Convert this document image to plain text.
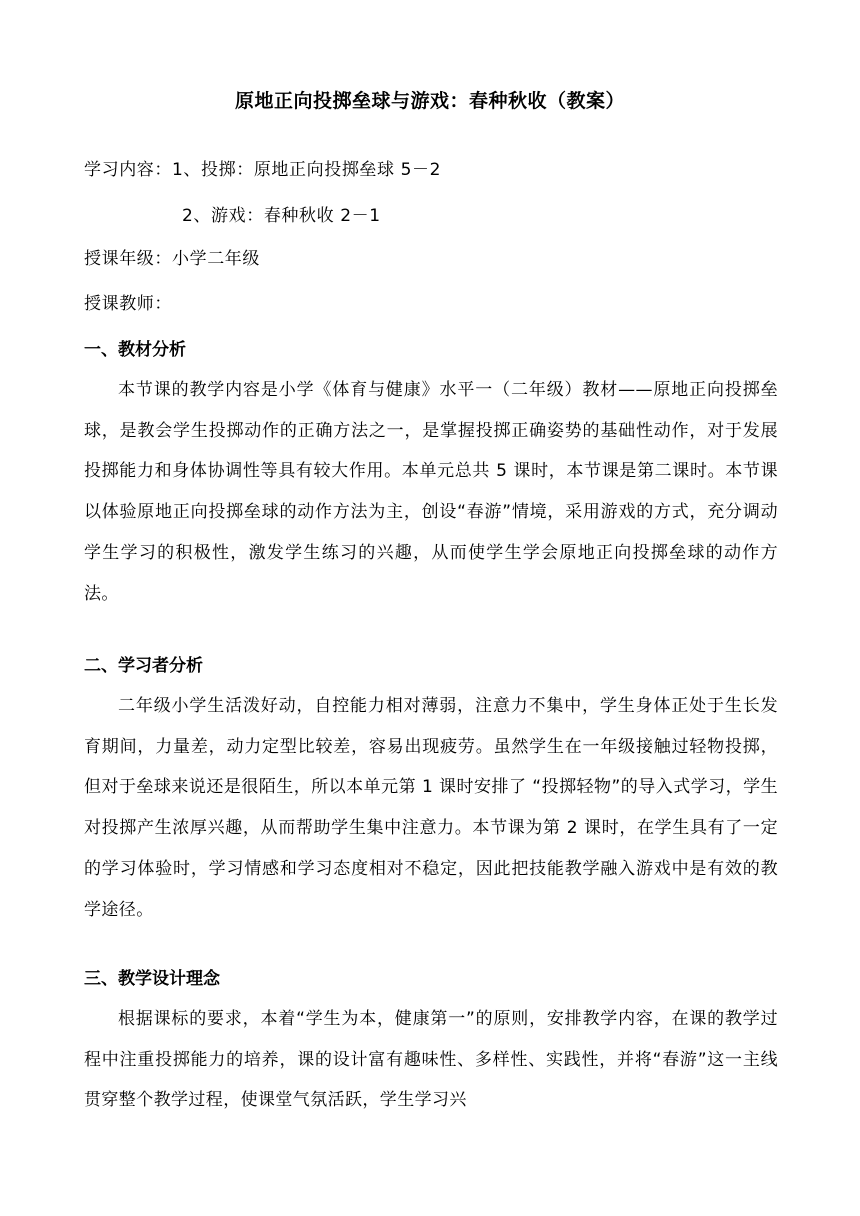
原地正向投掷垒球与游戏：春种秋收（教案）
学习内容：1、投掷：原地正向投掷垒球 5－2
2、游戏：春种秋收 2－1
授课年级：小学二年级
授课教师：
一、教材分析

本节课的教学内容是小学《体育与健康》水平一（二年级）教材——原地正向投掷垒球，是教会学生投掷动作的正确方法之一，是掌握投掷正确姿势的基础性动作，对于发展投掷能力和身体协调性等具有较大作用。本单元总共 5 课时，本节课是第二课时。本节课以体验原地正向投掷垒球的动作方法为主，创设“春游”情境，采用游戏的方式，充分调动学生学习的积极性，激发学生练习的兴趣，从而使学生学会原地正向投掷垒球的动作方法。

二、学习者分析

二年级小学生活泼好动，自控能力相对薄弱，注意力不集中，学生身体正处于生长发育期间，力量差，动力定型比较差，容易出现疲劳。虽然学生在一年级接触过轻物投掷，但对于垒球来说还是很陌生，所以本单元第 1 课时安排了 “投掷轻物”的导入式学习，学生对投掷产生浓厚兴趣，从而帮助学生集中注意力。本节课为第 2 课时，在学生具有了一定的学习体验时，学习情感和学习态度相对不稳定，因此把技能教学融入游戏中是有效的教学途径。

三、教学设计理念

根据课标的要求，本着“学生为本，健康第一”的原则，安排教学内容，在课的教学过程中注重投掷能力的培养，课的设计富有趣味性、多样性、实践性，并将“春游”这一主线贯穿整个教学过程，使课堂气氛活跃，学生学习兴
